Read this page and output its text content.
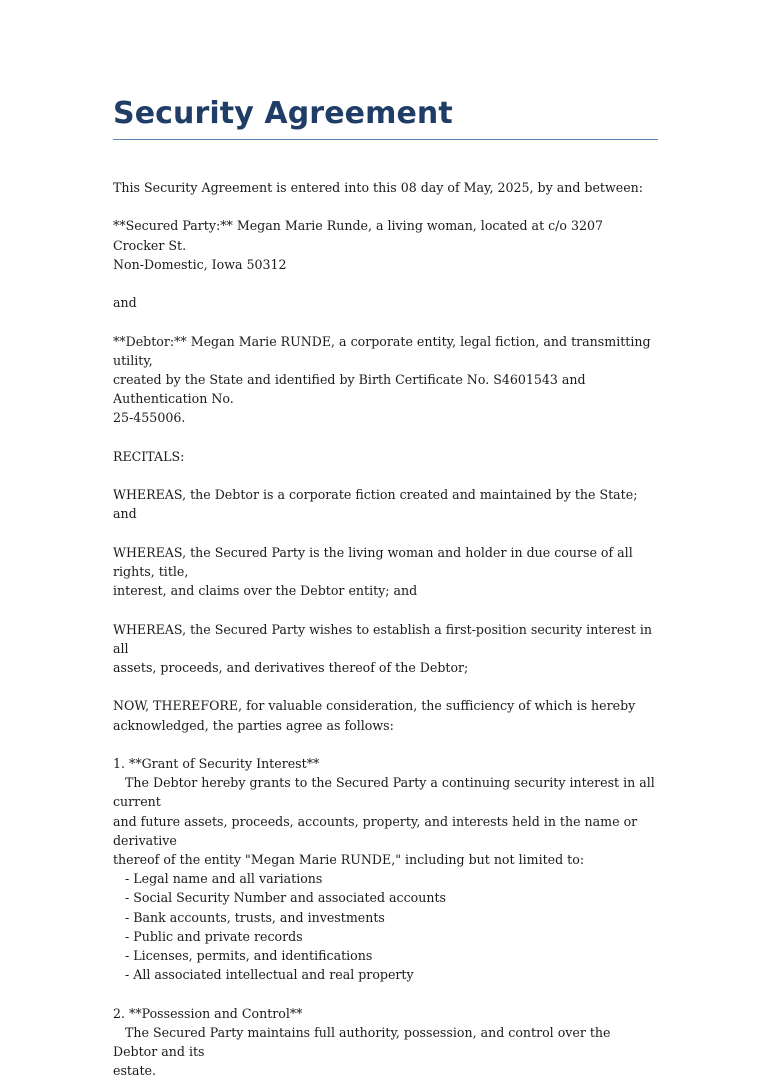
Security Agreement

This Security Agreement is entered into this 08 day of May, 2025, by and between:

**Secured Party:** Megan Marie Runde, a living woman, located at c/o 3207 Crocker St.
Non-Domestic, Iowa 50312

and

**Debtor:** Megan Marie RUNDE, a corporate entity, legal fiction, and transmitting utility,
created by the State and identified by Birth Certificate No. S4601543 and Authentication No.
25-455006.

RECITALS:

WHEREAS, the Debtor is a corporate fiction created and maintained by the State; and

WHEREAS, the Secured Party is the living woman and holder in due course of all rights, title,
interest, and claims over the Debtor entity; and

WHEREAS, the Secured Party wishes to establish a first-position security interest in all
assets, proceeds, and derivatives thereof of the Debtor;

NOW, THEREFORE, for valuable consideration, the sufficiency of which is hereby
acknowledged, the parties agree as follows:

1. **Grant of Security Interest**

The Debtor hereby grants to the Secured Party a continuing security interest in all current
and future assets, proceeds, accounts, property, and interests held in the name or derivative
thereof of the entity "Megan Marie RUNDE," including but not limited to:

- Legal name and all variations
- Social Security Number and associated accounts
- Bank accounts, trusts, and investments
- Public and private records
- Licenses, permits, and identifications
- All associated intellectual and real property

2. **Possession and Control**

The Secured Party maintains full authority, possession, and control over the Debtor and its
estate.
